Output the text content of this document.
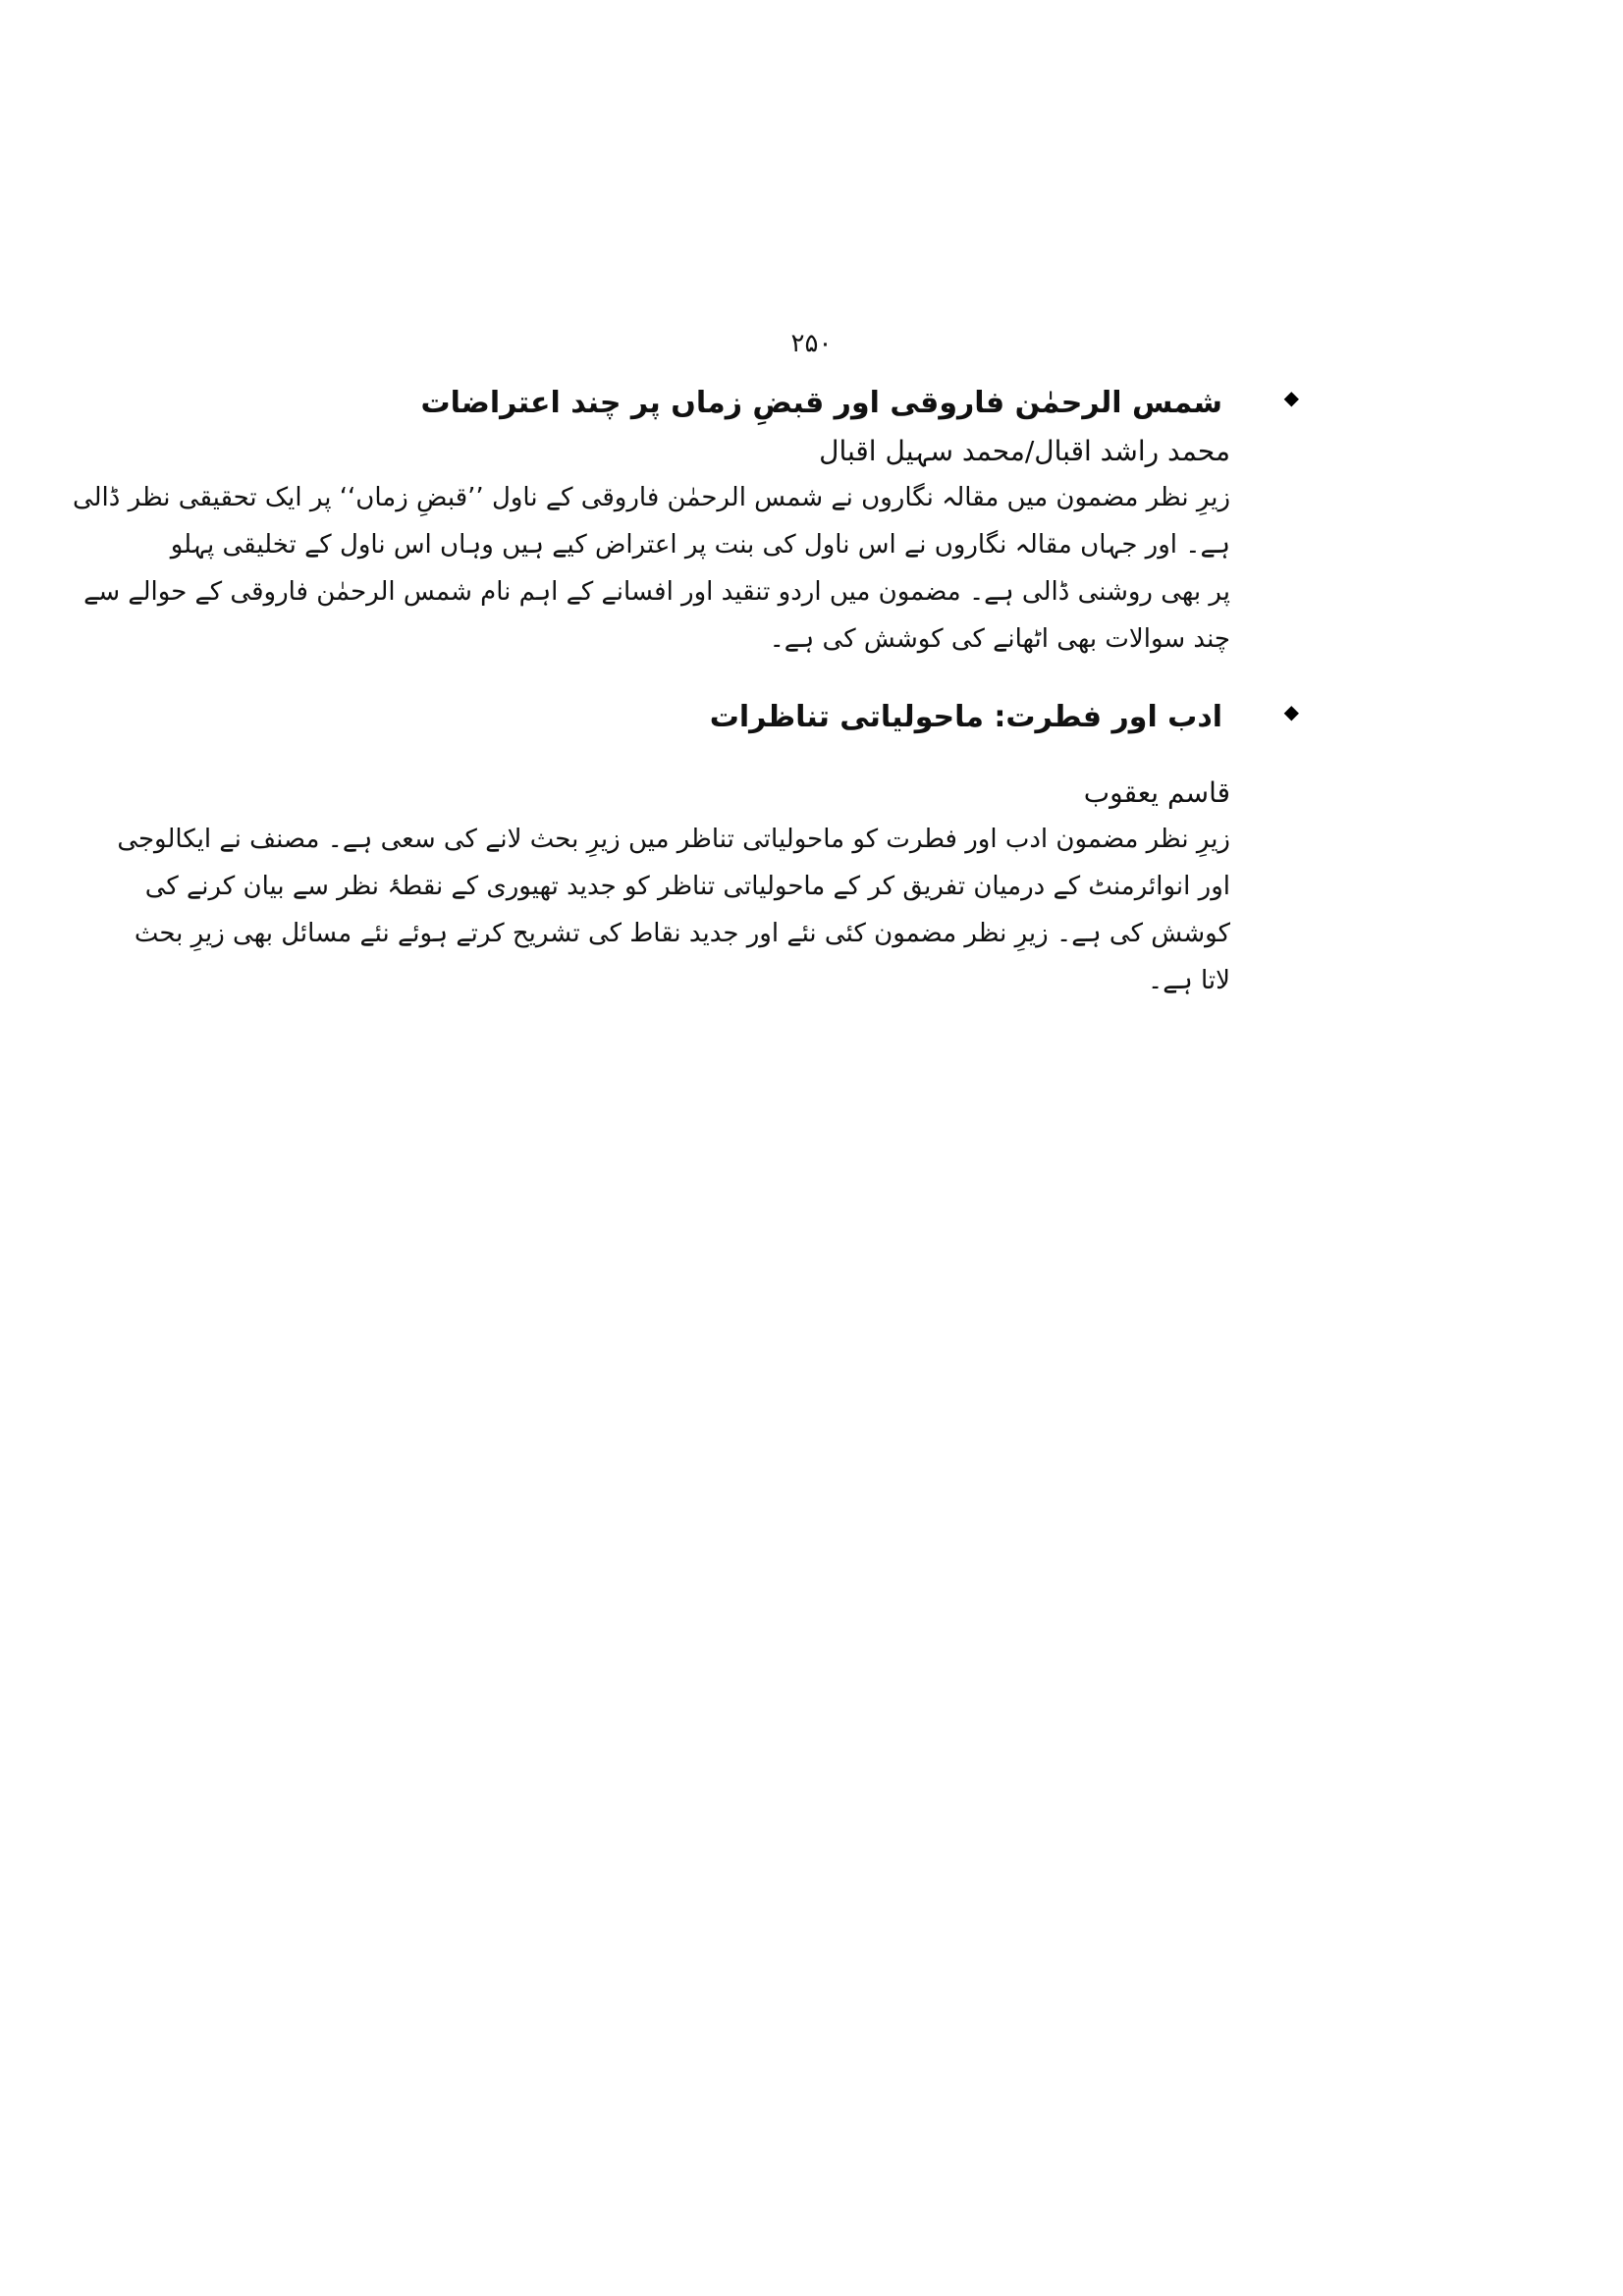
۲۵۰
◆

شمس الرحمٰن فاروقی اور قبضِ زماں پر چند اعتراضات

محمد راشد اقبال/محمد سہیل اقبال

زیرِ نظر مضمون میں مقالہ نگاروں نے شمس الرحمٰن فاروقی کے ناول ’’قبضِ زماں‘‘ پر ایک تحقیقی نظر ڈالی
ہے۔ اور جہاں مقالہ نگاروں نے اس ناول کی بنت پر اعتراض کیے ہیں وہاں اس ناول کے تخلیقی پہلو
پر بھی روشنی ڈالی ہے۔ مضمون میں اردو تنقید اور افسانے کے اہم نام شمس الرحمٰن فاروقی کے حوالے سے
چند سوالات بھی اٹھانے کی کوشش کی ہے۔

◆

ادب اور فطرت: ماحولیاتی تناظرات

قاسم یعقوب

زیرِ نظر مضمون ادب اور فطرت کو ماحولیاتی تناظر میں زیرِ بحث لانے کی سعی ہے۔ مصنف نے ایکالوجی
اور انوائرمنٹ کے درمیان تفریق کر کے ماحولیاتی تناظر کو جدید تھیوری کے نقطۂ نظر سے بیان کرنے کی
کوشش کی ہے۔ زیرِ نظر مضمون کئی نئے اور جدید نقاط کی تشریح کرتے ہوئے نئے مسائل بھی زیرِ بحث
لاتا ہے۔
